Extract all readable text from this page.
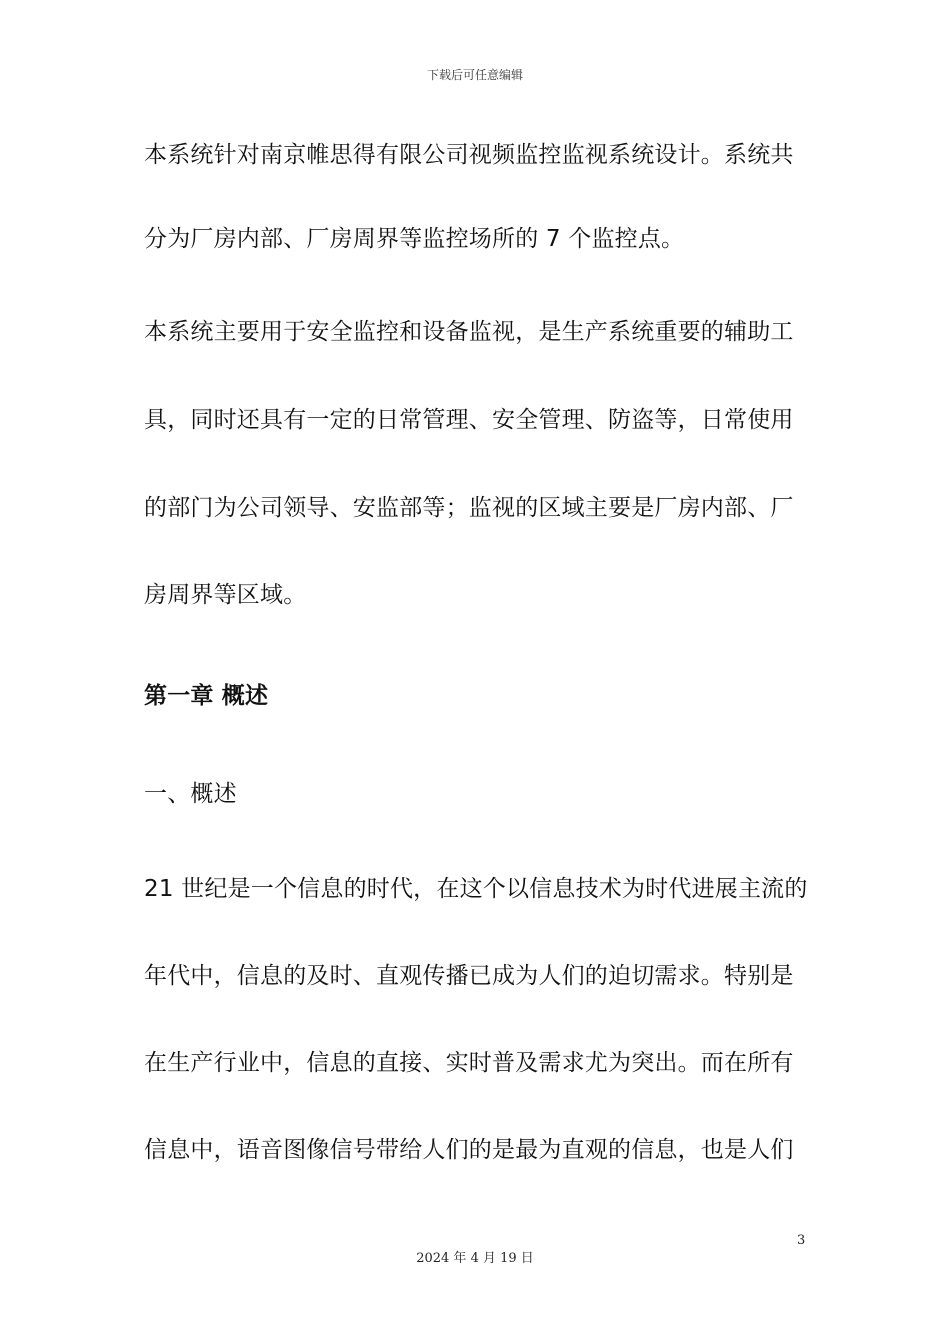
下载后可任意编辑
本系统针对南京帷思得有限公司视频监控监视系统设计。系统共
分为厂房内部、厂房周界等监控场所的 7 个监控点。
本系统主要用于安全监控和设备监视，是生产系统重要的辅助工
具，同时还具有一定的日常管理、安全管理、防盗等，日常使用
的部门为公司领导、安监部等；监视的区域主要是厂房内部、厂
房周界等区域。
第一章 概述
一、概述
21 世纪是一个信息的时代，在这个以信息技术为时代进展主流的
年代中，信息的及时、直观传播已成为人们的迫切需求。特别是
在生产行业中，信息的直接、实时普及需求尤为突出。而在所有
信息中，语音图像信号带给人们的是最为直观的信息，也是人们
3
2024 年 4 月 19 日
